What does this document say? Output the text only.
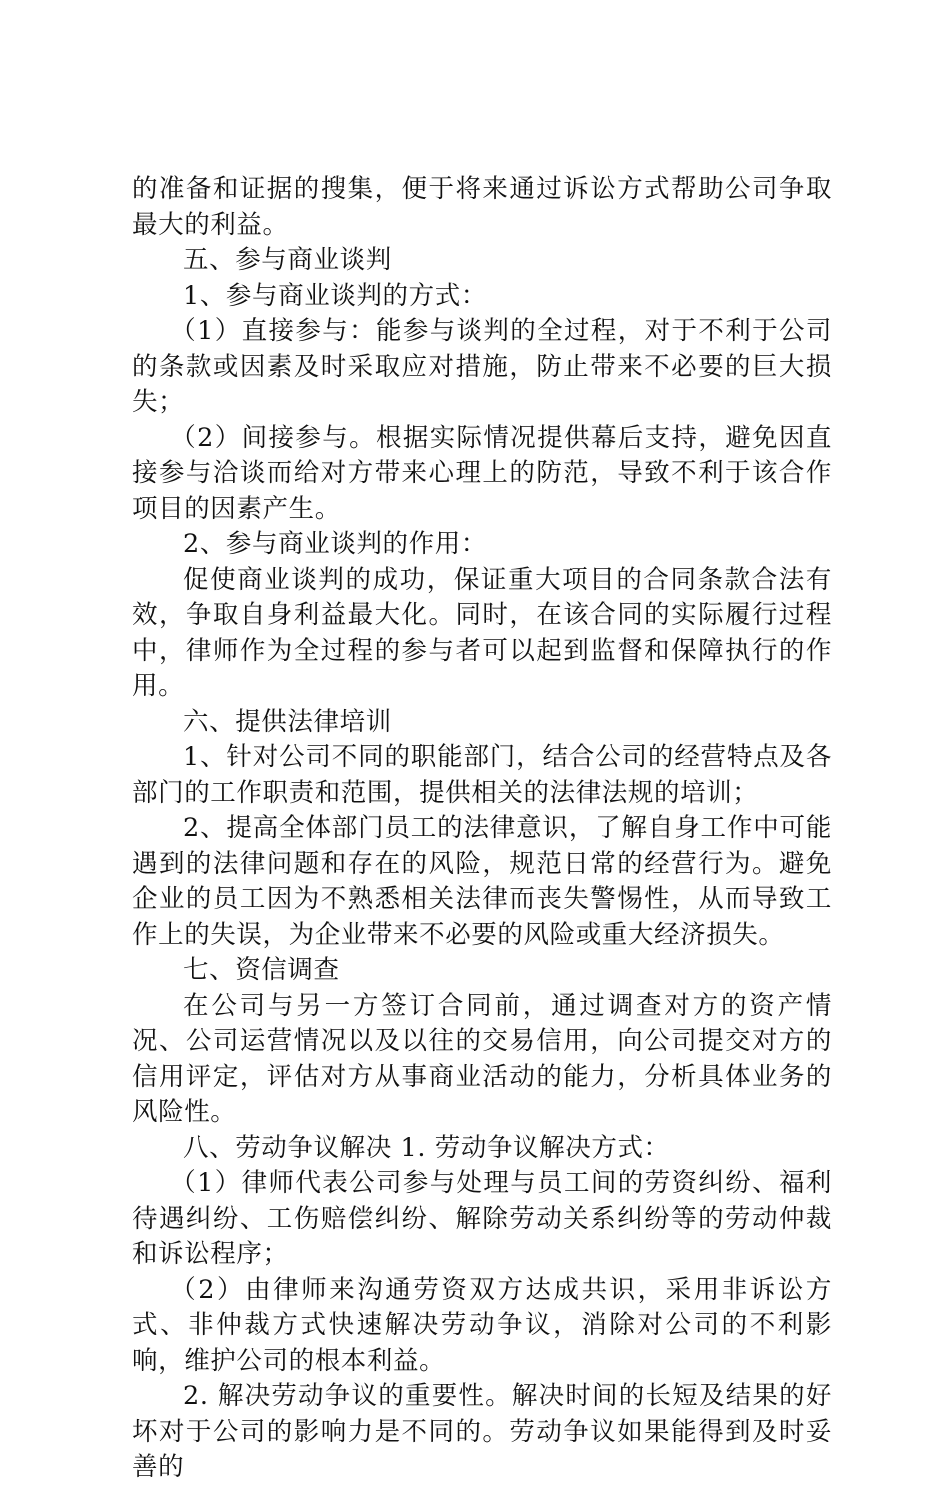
的准备和证据的搜集，便于将来通过诉讼方式帮助公司争取最大的利益。

五、参与商业谈判

1、参与商业谈判的方式：

（1）直接参与：能参与谈判的全过程，对于不利于公司的条款或因素及时采取应对措施，防止带来不必要的巨大损失；

（2）间接参与。根据实际情况提供幕后支持，避免因直接参与洽谈而给对方带来心理上的防范，导致不利于该合作项目的因素产生。

2、参与商业谈判的作用：

促使商业谈判的成功，保证重大项目的合同条款合法有效，争取自身利益最大化。同时，在该合同的实际履行过程中，律师作为全过程的参与者可以起到监督和保障执行的作用。

六、提供法律培训

1、针对公司不同的职能部门，结合公司的经营特点及各部门的工作职责和范围，提供相关的法律法规的培训；

2、提高全体部门员工的法律意识，了解自身工作中可能遇到的法律问题和存在的风险，规范日常的经营行为。避免企业的员工因为不熟悉相关法律而丧失警惕性，从而导致工作上的失误，为企业带来不必要的风险或重大经济损失。

七、资信调查

在公司与另一方签订合同前，通过调查对方的资产情况、公司运营情况以及以往的交易信用，向公司提交对方的信用评定，评估对方从事商业活动的能力，分析具体业务的风险性。

八、劳动争议解决 1. 劳动争议解决方式：

（1）律师代表公司参与处理与员工间的劳资纠纷、福利待遇纠纷、工伤赔偿纠纷、解除劳动关系纠纷等的劳动仲裁和诉讼程序；

（2）由律师来沟通劳资双方达成共识，采用非诉讼方式、非仲裁方式快速解决劳动争议，消除对公司的不利影响，维护公司的根本利益。

2. 解决劳动争议的重要性。解决时间的长短及结果的好坏对于公司的影响力是不同的。劳动争议如果能得到及时妥善的
